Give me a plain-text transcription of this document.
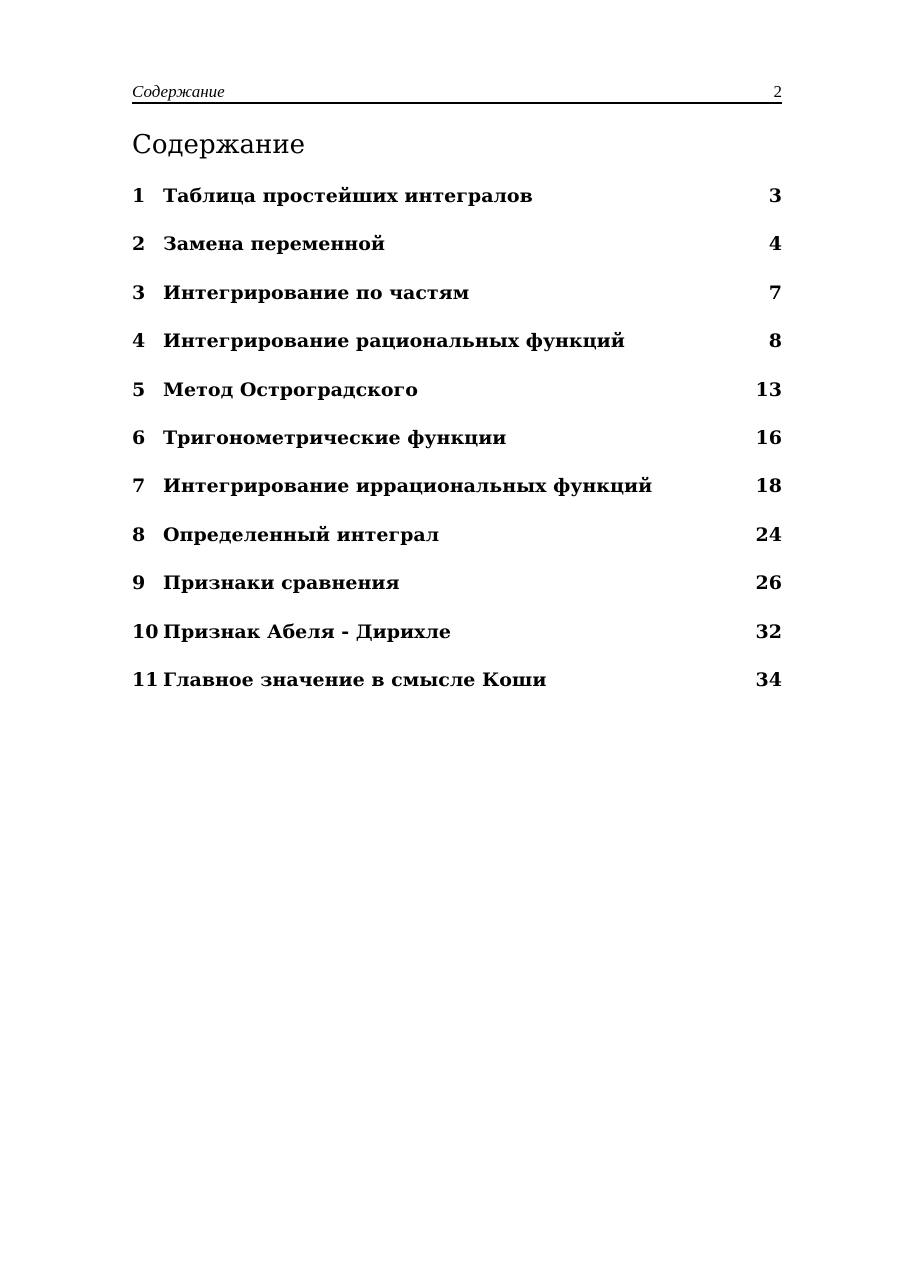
Содержание	2
Содержание
1 Таблица простейших интегралов	3
2 Замена переменной	4
3 Интегрирование по частям	7
4 Интегрирование рациональных функций	8
5 Метод Остроградского	13
6 Тригонометрические функции	16
7 Интегрирование иррациональных функций	18
8 Определенный интеграл	24
9 Признаки сравнения	26
10 Признак Абеля - Дирихле	32
11 Главное значение в смысле Коши	34
